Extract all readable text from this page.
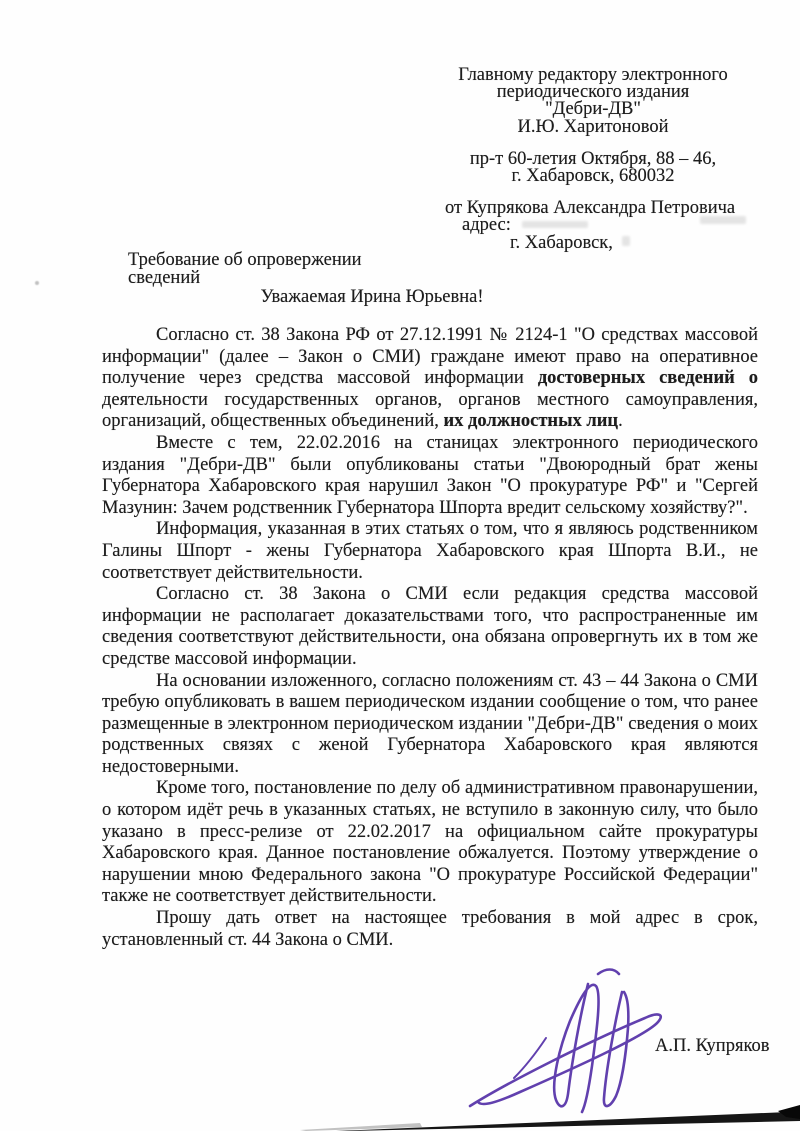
Главному редактору электронного
периодического издания
"Дебри-ДВ"
И.Ю. Харитоновой
пр-т 60-летия Октября, 88 – 46,
г. Хабаровск, 680032
от Купрякова Александра Петровича
адрес:
г. Хабаровск,
Требование об опровержении
сведений
Уважаемая Ирина Юрьевна!

Согласно ст. 38 Закона РФ от 27.12.1991 № 2124-1 "О средствах массовой информации" (далее – Закон о СМИ) граждане имеют право на оперативное получение через средства массовой информации достоверных сведений о деятельности государственных органов, органов местного самоуправления, организаций, общественных объединений, их должностных лиц.

Вместе с тем, 22.02.2016 на станицах электронного периодического издания "Дебри-ДВ" были опубликованы статьи "Двоюродный брат жены Губернатора Хабаровского края нарушил Закон "О прокуратуре РФ" и "Сергей Мазунин: Зачем родственник Губернатора Шпорта вредит сельскому хозяйству?".

Информация, указанная в этих статьях о том, что я являюсь родственником Галины Шпорт - жены Губернатора Хабаровского края Шпорта В.И., не соответствует действительности.

Согласно ст. 38 Закона о СМИ если редакция средства массовой информации не располагает доказательствами того, что распространенные им сведения соответствуют действительности, она обязана опровергнуть их в том же средстве массовой информации.

На основании изложенного, согласно положениям ст. 43 – 44 Закона о СМИ требую опубликовать в вашем периодическом издании сообщение о том, что ранее размещенные в электронном периодическом издании "Дебри-ДВ" сведения о моих родственных связях с женой Губернатора Хабаровского края являются недостоверными.

Кроме того, постановление по делу об административном правонарушении, о котором идёт речь в указанных статьях, не вступило в законную силу, что было указано в пресс-релизе от 22.02.2017 на официальном сайте прокуратуры Хабаровского края. Данное постановление обжалуется. Поэтому утверждение о нарушении мною Федерального закона "О прокуратуре Российской Федерации" также не соответствует действительности.

Прошу дать ответ на настоящее требования в мой адрес в срок, установленный ст. 44 Закона о СМИ.

А.П. Купряков
